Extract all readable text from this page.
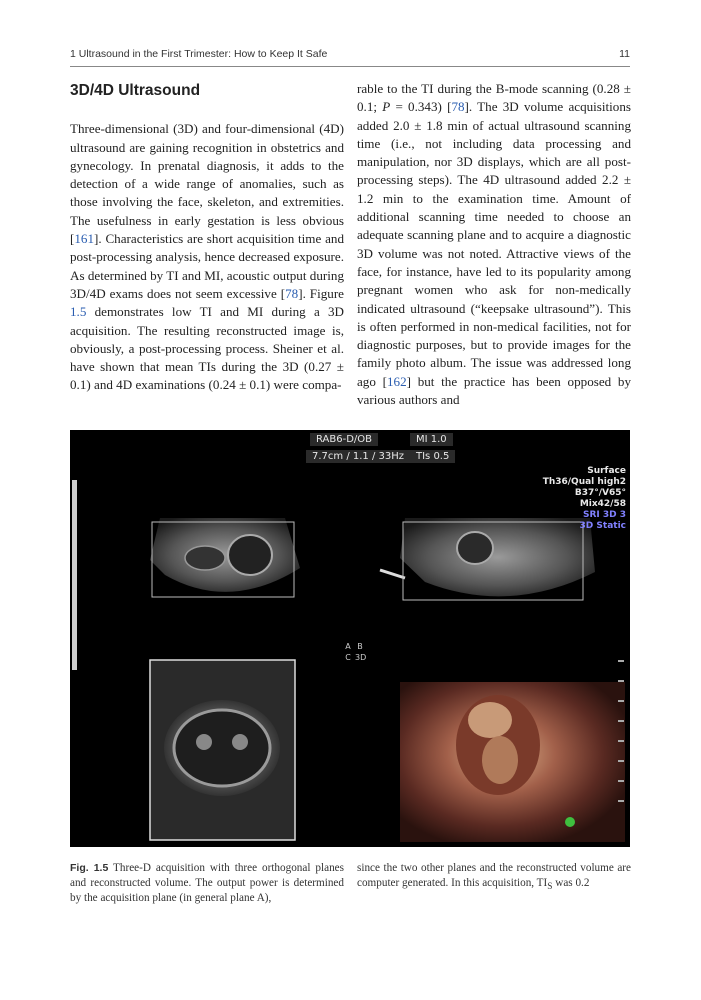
1 Ultrasound in the First Trimester: How to Keep It Safe	11
3D/4D Ultrasound

Three-dimensional (3D) and four-dimensional (4D) ultrasound are gaining recognition in obstetrics and gynecology. In prenatal diagnosis, it adds to the detection of a wide range of anomalies, such as those involving the face, skeleton, and extremities. The usefulness in early gestation is less obvious [161]. Characteristics are short acquisition time and post-processing analysis, hence decreased exposure. As determined by TI and MI, acoustic output during 3D/4D exams does not seem excessive [78]. Figure 1.5 demonstrates low TI and MI during a 3D acquisition. The resulting reconstructed image is, obviously, a post-processing process. Sheiner et al. have shown that mean TIs during the 3D (0.27 ± 0.1) and 4D examinations (0.24 ± 0.1) were compa-

rable to the TI during the B-mode scanning (0.28 ± 0.1; P = 0.343) [78]. The 3D volume acquisitions added 2.0 ± 1.8 min of actual ultrasound scanning time (i.e., not including data processing and manipulation, nor 3D displays, which are all post-processing steps). The 4D ultrasound added 2.2 ± 1.2 min to the examination time. Amount of additional scanning time needed to choose an adequate scanning plane and to acquire a diagnostic 3D volume was not noted. Attractive views of the face, for instance, have led to its popularity among pregnant women who ask for non-medically indicated ultrasound (“keepsake ultrasound”). This is often performed in non-medical facilities, not for diagnostic purposes, but to provide images for the family photo album. The issue was addressed long ago [162] but the practice has been opposed by various authors and

RAB6-D/OB	MI 1.0
7.7cm / 1.1 / 33Hz	TIs 0.5
Surface
Th36/Qual high2
B37°/V65°
Mix42/58
SRI 3D 3
3D Static
A B
C 3D
Fig. 1.5 Three-D acquisition with three orthogonal planes and reconstructed volume. The output power is determined by the acquisition plane (in general plane A),
since the two other planes and the reconstructed volume are computer generated. In this acquisition, $TI_S$ was 0.2
